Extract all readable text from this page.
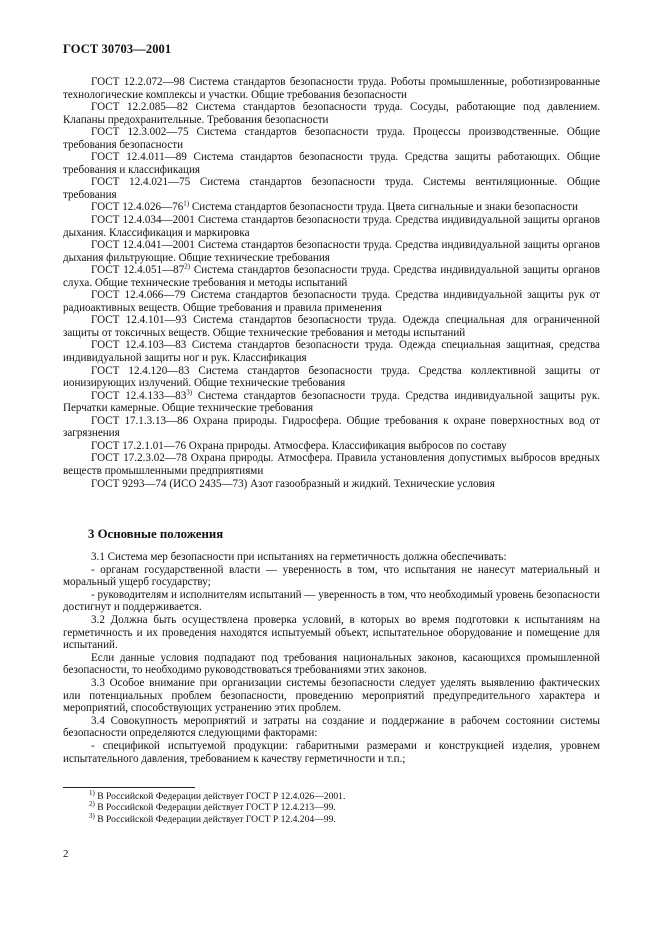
ГОСТ 30703—2001

ГОСТ 12.2.072—98 Система стандартов безопасности труда. Роботы промышленные, роботизированные технологические комплексы и участки. Общие требования безопасности

ГОСТ 12.2.085—82 Система стандартов безопасности труда. Сосуды, работающие под давлением. Клапаны предохранительные. Требования безопасности

ГОСТ 12.3.002—75 Система стандартов безопасности труда. Процессы производственные. Общие требования безопасности

ГОСТ 12.4.011—89 Система стандартов безопасности труда. Средства защиты работающих. Общие требования и классификация

ГОСТ 12.4.021—75 Система стандартов безопасности труда. Системы вентиляционные. Общие требования

ГОСТ 12.4.026—76$^{1)}$ Система стандартов безопасности труда. Цвета сигнальные и знаки безопасности

ГОСТ 12.4.034—2001 Система стандартов безопасности труда. Средства индивидуальной защиты органов дыхания. Классификация и маркировка

ГОСТ 12.4.041—2001 Система стандартов безопасности труда. Средства индивидуальной защиты органов дыхания фильтрующие. Общие технические требования

ГОСТ 12.4.051—87$^{2)}$ Система стандартов безопасности труда. Средства индивидуальной защиты органов слуха. Общие технические требования и методы испытаний

ГОСТ 12.4.066—79 Система стандартов безопасности труда. Средства индивидуальной защиты рук от радиоактивных веществ. Общие требования и правила применения

ГОСТ 12.4.101—93 Система стандартов безопасности труда. Одежда специальная для ограниченной защиты от токсичных веществ. Общие технические требования и методы испытаний

ГОСТ 12.4.103—83 Система стандартов безопасности труда. Одежда специальная защитная, средства индивидуальной защиты ног и рук. Классификация

ГОСТ 12.4.120—83 Система стандартов безопасности труда. Средства коллективной защиты от ионизирующих излучений. Общие технические требования

ГОСТ 12.4.133—83$^{3)}$ Система стандартов безопасности труда. Средства индивидуальной защиты рук. Перчатки камерные. Общие технические требования

ГОСТ 17.1.3.13—86 Охрана природы. Гидросфера. Общие требования к охране поверхностных вод от загрязнения

ГОСТ 17.2.1.01—76 Охрана природы. Атмосфера. Классификация выбросов по составу

ГОСТ 17.2.3.02—78 Охрана природы. Атмосфера. Правила установления допустимых выбросов вредных веществ промышленными предприятиями

ГОСТ 9293—74 (ИСО 2435—73) Азот газообразный и жидкий. Технические условия

3 Основные положения

3.1 Система мер безопасности при испытаниях на герметичность должна обеспечивать:

- органам государственной власти — уверенность в том, что испытания не нанесут материальный и моральный ущерб государству;

- руководителям и исполнителям испытаний — уверенность в том, что необходимый уровень безопасности достигнут и поддерживается.

3.2 Должна быть осуществлена проверка условий, в которых во время подготовки к испытаниям на герметичность и их проведения находятся испытуемый объект, испытательное оборудование и помещение для испытаний.

Если данные условия подпадают под требования национальных законов, касающихся промышленной безопасности, то необходимо руководствоваться требованиями этих законов.

3.3 Особое внимание при организации системы безопасности следует уделять выявлению фактических или потенциальных проблем безопасности, проведению мероприятий предупредительного характера и мероприятий, способствующих устранению этих проблем.

3.4 Совокупность мероприятий и затраты на создание и поддержание в рабочем состоянии системы безопасности определяются следующими факторами:

- спецификой испытуемой продукции: габаритными размерами и конструкцией изделия, уровнем испытательного давления, требованием к качеству герметичности и т.п.;

$^{1)}$ В Российской Федерации действует ГОСТ Р 12.4.026—2001.
$^{2)}$ В Российской Федерации действует ГОСТ Р 12.4.213—99.
$^{3)}$ В Российской Федерации действует ГОСТ Р 12.4.204—99.
2
